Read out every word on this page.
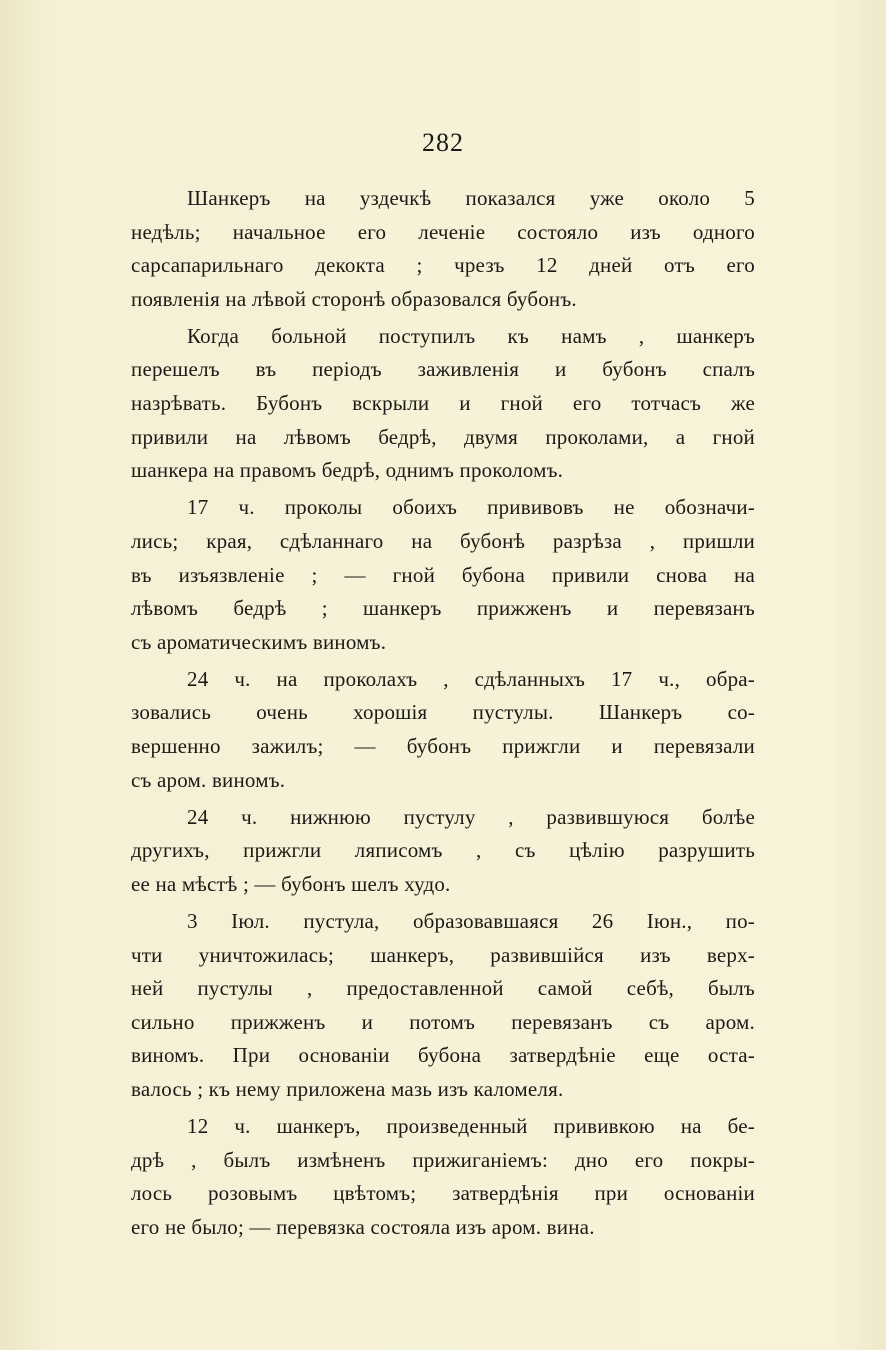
282
Шанкеръ на уздечкѣ показался уже около 5
недѣль; начальное его леченіе состояло изъ одного
сарсапарильнаго декокта ; чрезъ 12 дней отъ его
появленія на лѣвой сторонѣ образовался бубонъ.
Когда больной поступилъ къ намъ , шанкеръ
перешелъ въ періодъ заживленія и бубонъ спалъ
назрѣвать. Бубонъ вскрыли и гной его тотчасъ же
привили на лѣвомъ бедрѣ, двумя проколами, а гной
шанкера на правомъ бедрѣ, однимъ проколомъ.
17 ч. проколы обоихъ прививовъ не обозначи-
лись; края, сдѣланнаго на бубонѣ разрѣза , пришли
въ изъязвленіе ; — гной бубона привили снова на
лѣвомъ бедрѣ ; шанкеръ прижженъ и перевязанъ
съ ароматическимъ виномъ.
24 ч. на проколахъ , сдѣланныхъ 17 ч., обра-
зовались очень хорошія пустулы. Шанкеръ со-
вершенно зажилъ; — бубонъ прижгли и перевязали
съ аром. виномъ.
24 ч. нижнюю пустулу , развившуюся болѣе
другихъ, прижгли ляписомъ , съ цѣлію разрушить
ее на мѣстѣ ; — бубонъ шелъ худо.
3 Іюл. пустула, образовавшаяся 26 Іюн., по-
чти уничтожилась; шанкеръ, развившійся изъ верх-
ней пустулы , предоставленной самой себѣ, былъ
сильно прижженъ и потомъ перевязанъ съ аром.
виномъ. При основаніи бубона затвердѣніе еще оста-
валось ; къ нему приложена мазь изъ каломеля.
12 ч. шанкеръ, произведенный прививкою на бе-
дрѣ , былъ измѣненъ прижиганіемъ: дно его покры-
лось розовымъ цвѣтомъ; затвердѣнія при основаніи
его не было; — перевязка состояла изъ аром. вина.
